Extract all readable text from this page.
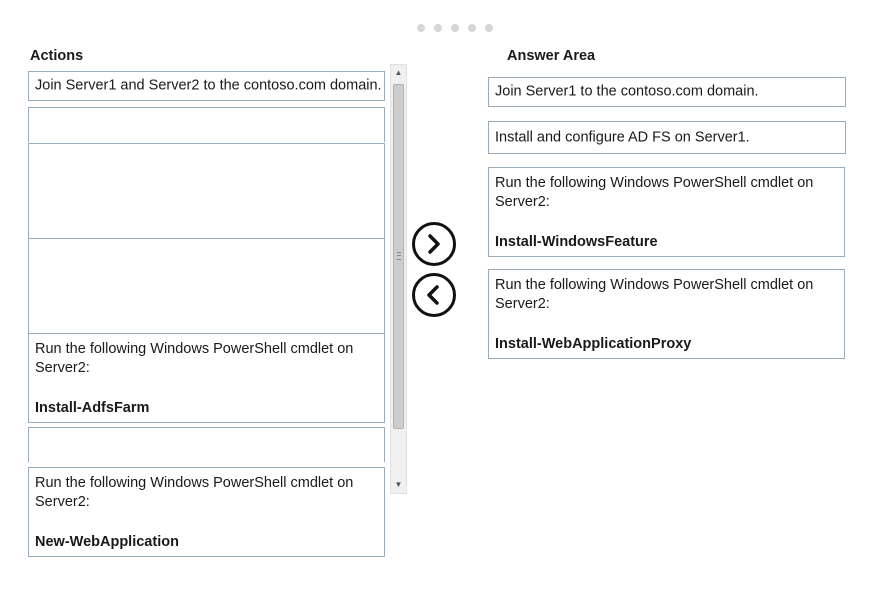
Actions
Join Server1 and Server2 to the contoso.com domain.
Run the following Windows PowerShell cmdlet on Server2:
Install-AdfsFarm
Run the following Windows PowerShell cmdlet on Server2:
New-WebApplication
▲
▼
Answer Area
Join Server1 to the contoso.com domain.
Install and configure AD FS on Server1.
Run the following Windows PowerShell cmdlet on Server2:
Install-WindowsFeature
Run the following Windows PowerShell cmdlet on Server2:
Install-WebApplicationProxy
